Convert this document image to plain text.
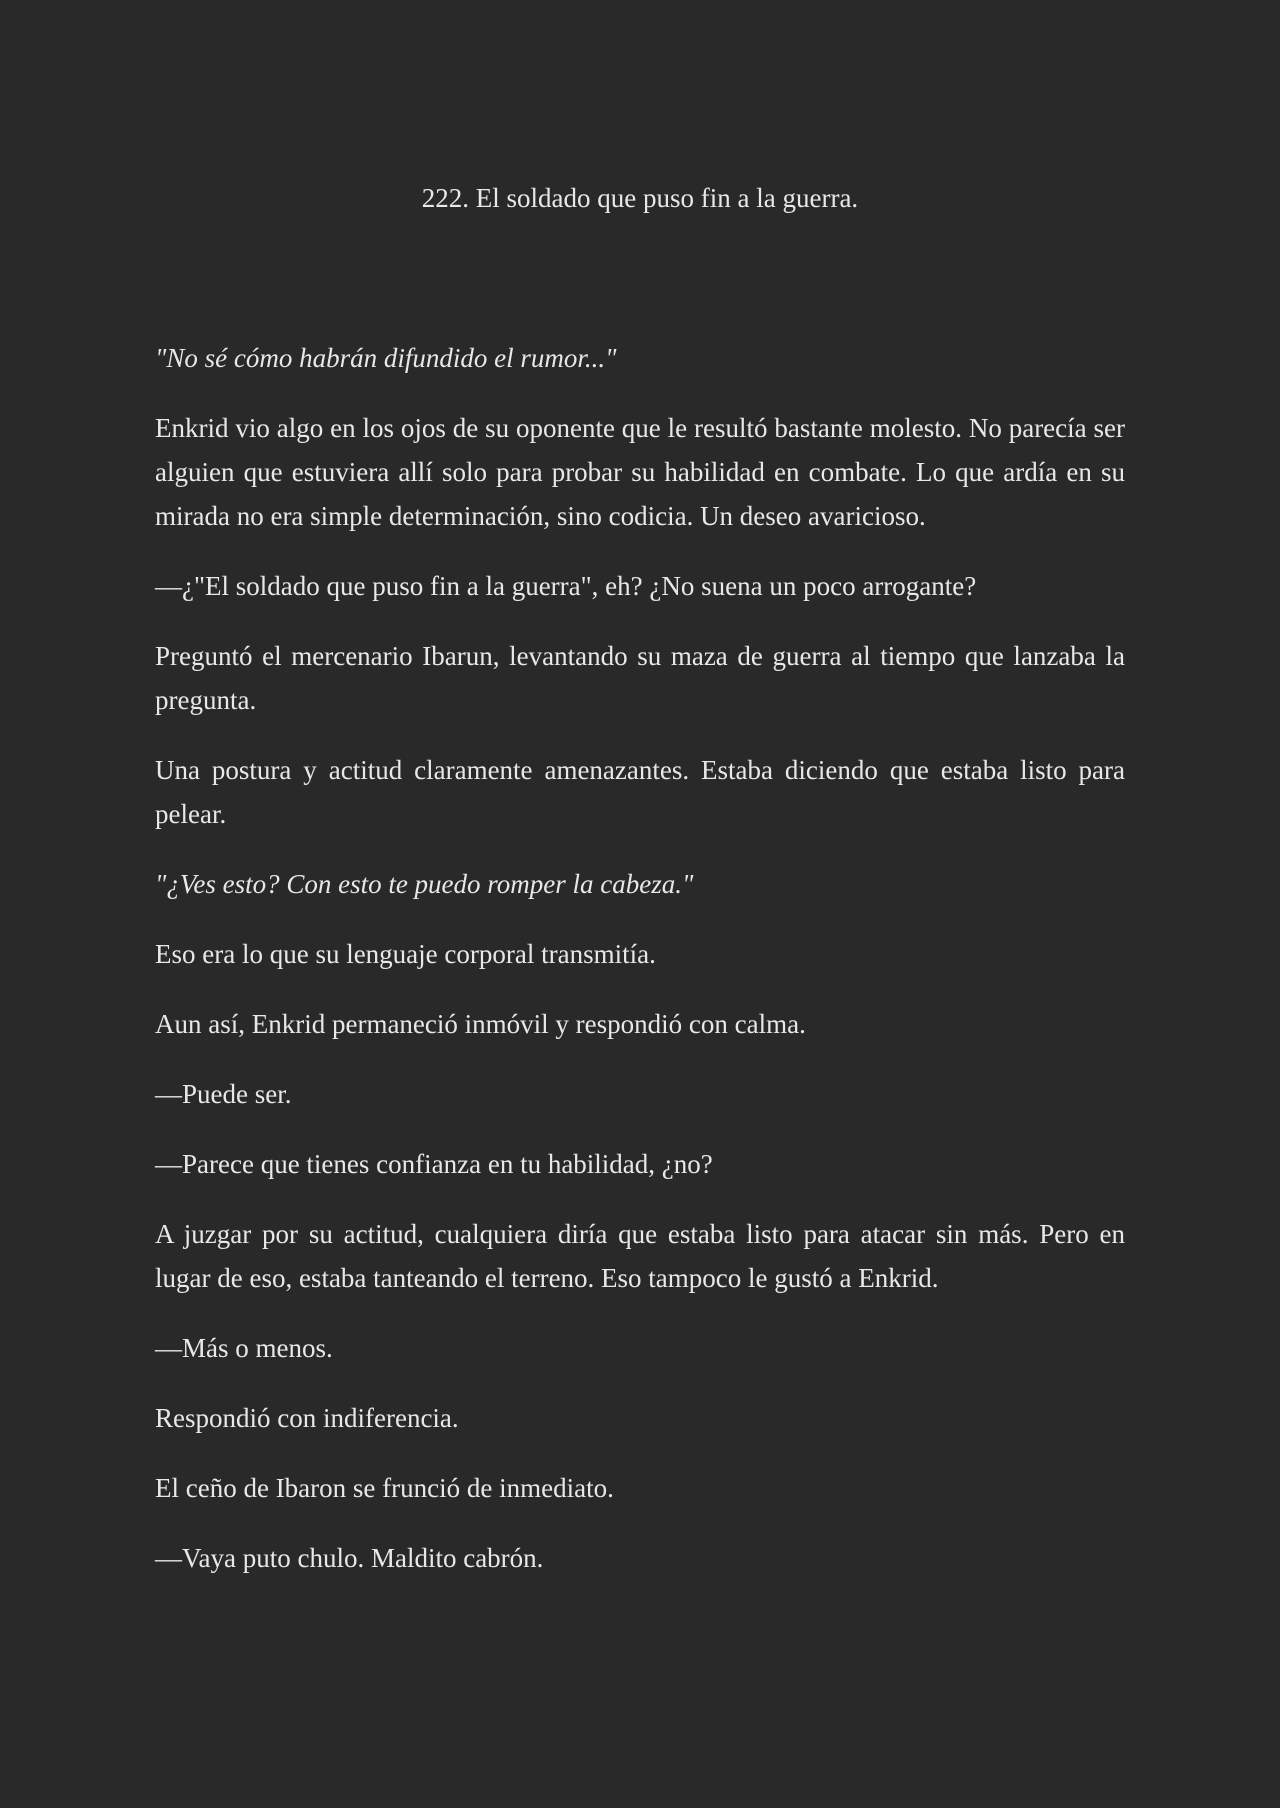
222. El soldado que puso fin a la guerra.

"No sé cómo habrán difundido el rumor..."

Enkrid vio algo en los ojos de su oponente que le resultó bastante molesto. No parecía ser alguien que estuviera allí solo para probar su habilidad en combate. Lo que ardía en su mirada no era simple determinación, sino codicia. Un deseo avaricioso.

—¿"El soldado que puso fin a la guerra", eh? ¿No suena un poco arrogante?

Preguntó el mercenario Ibarun, levantando su maza de guerra al tiempo que lanzaba la pregunta.

Una postura y actitud claramente amenazantes. Estaba diciendo que estaba listo para pelear.

"¿Ves esto? Con esto te puedo romper la cabeza."

Eso era lo que su lenguaje corporal transmitía.

Aun así, Enkrid permaneció inmóvil y respondió con calma.

—Puede ser.

—Parece que tienes confianza en tu habilidad, ¿no?

A juzgar por su actitud, cualquiera diría que estaba listo para atacar sin más. Pero en lugar de eso, estaba tanteando el terreno. Eso tampoco le gustó a Enkrid.

—Más o menos.

Respondió con indiferencia.

El ceño de Ibaron se frunció de inmediato.

—Vaya puto chulo. Maldito cabrón.
